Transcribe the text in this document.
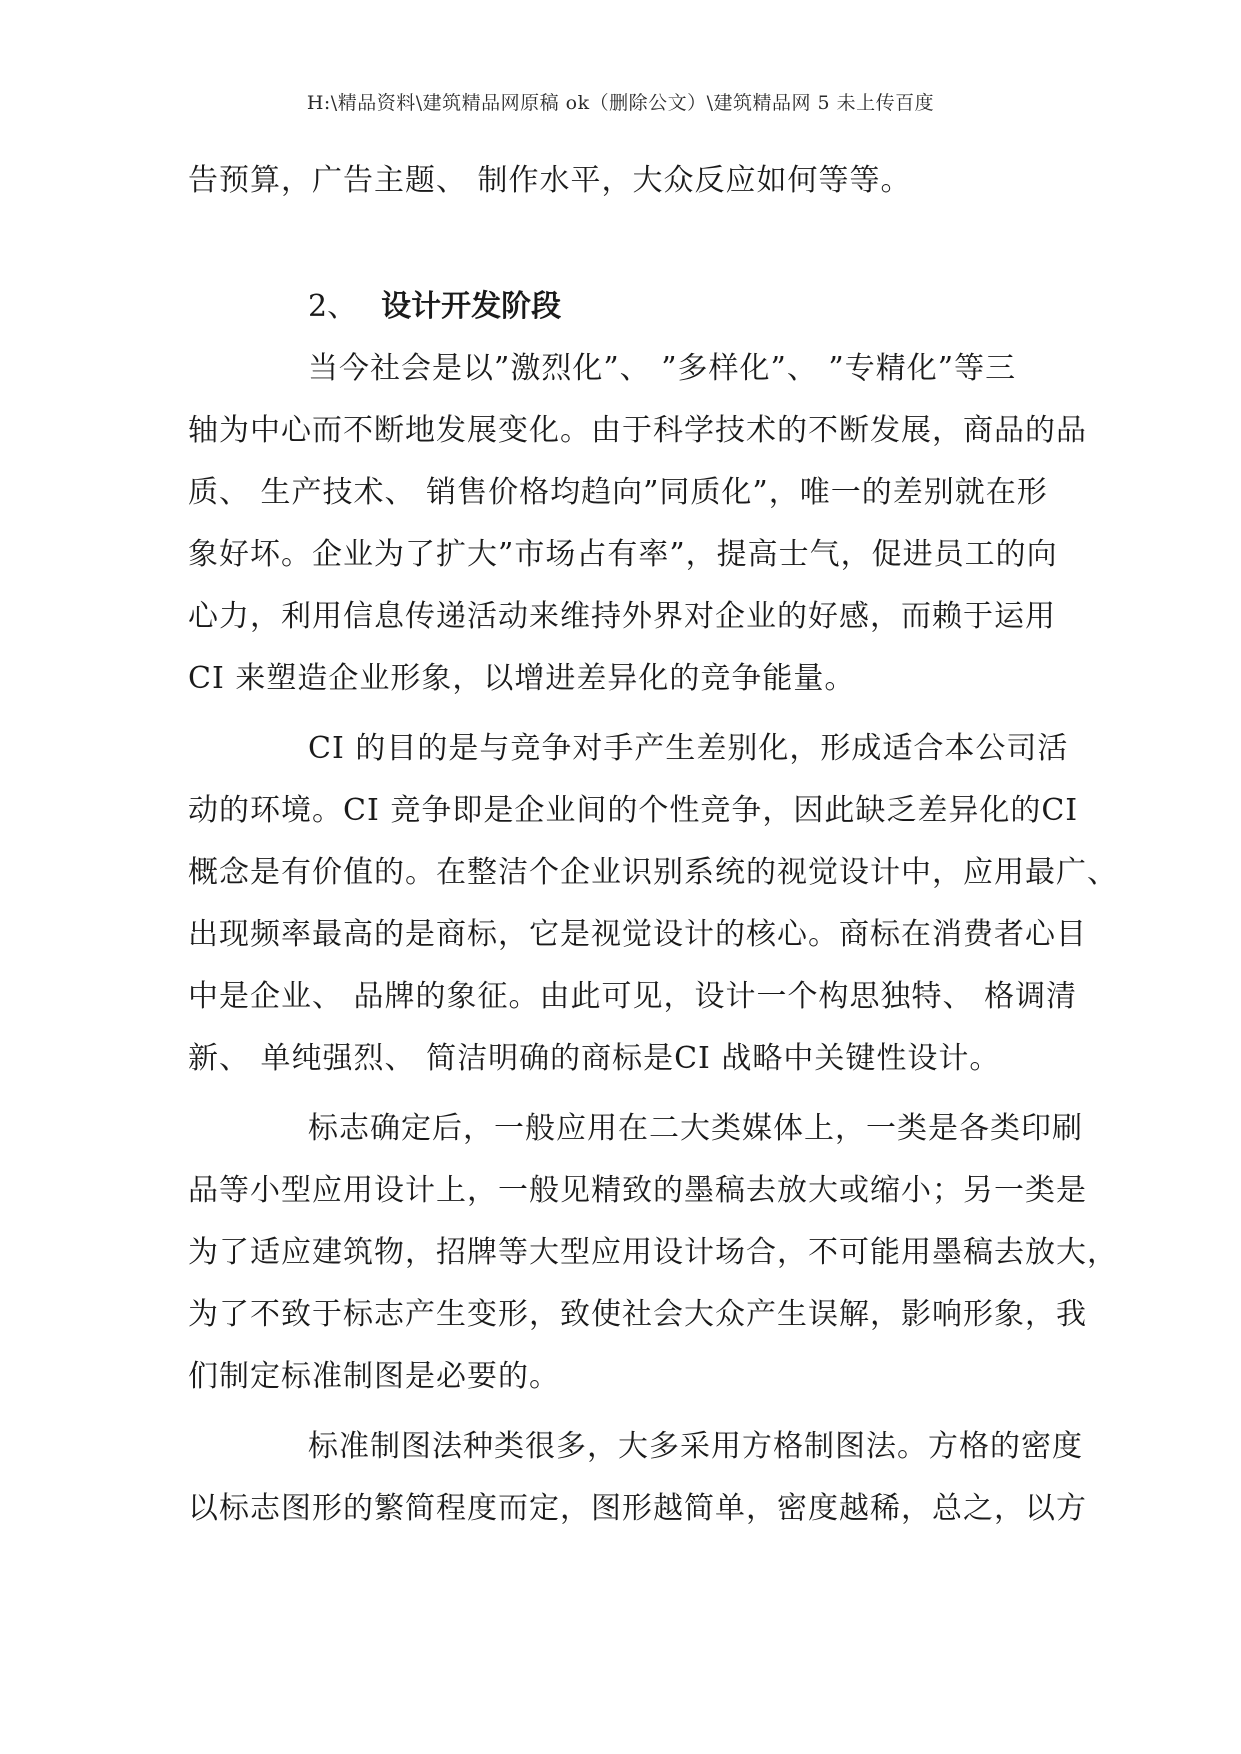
H:\精品资料\建筑精品网原稿 ok（删除公文）\建筑精品网 5 未上传百度
告预算，广告主题、 制作水平，大众反应如何等等。
2、 设计开发阶段
当今社会是以”激烈化”、 ”多样化”、 ”专精化”等三
轴为中心而不断地发展变化。由于科学技术的不断发展，商品的品
质、 生产技术、 销售价格均趋向”同质化”，唯一的差别就在形
象好坏。企业为了扩大”市场占有率”，提高士气，促进员工的向
心力，利用信息传递活动来维持外界对企业的好感，而赖于运用
CI 来塑造企业形象，以增进差异化的竞争能量。
CI 的目的是与竞争对手产生差别化，形成适合本公司活
动的环境。CI 竞争即是企业间的个性竞争，因此缺乏差异化的CI
概念是有价值的。在整洁个企业识别系统的视觉设计中，应用最广、
出现频率最高的是商标，它是视觉设计的核心。商标在消费者心目
中是企业、 品牌的象征。由此可见，设计一个构思独特、 格调清
新、 单纯强烈、 简洁明确的商标是CI 战略中关键性设计。
标志确定后，一般应用在二大类媒体上，一类是各类印刷
品等小型应用设计上，一般见精致的墨稿去放大或缩小；另一类是
为了适应建筑物，招牌等大型应用设计场合，不可能用墨稿去放大，
为了不致于标志产生变形，致使社会大众产生误解，影响形象，我
们制定标准制图是必要的。
标准制图法种类很多，大多采用方格制图法。方格的密度
以标志图形的繁简程度而定，图形越简单，密度越稀，总之，以方
